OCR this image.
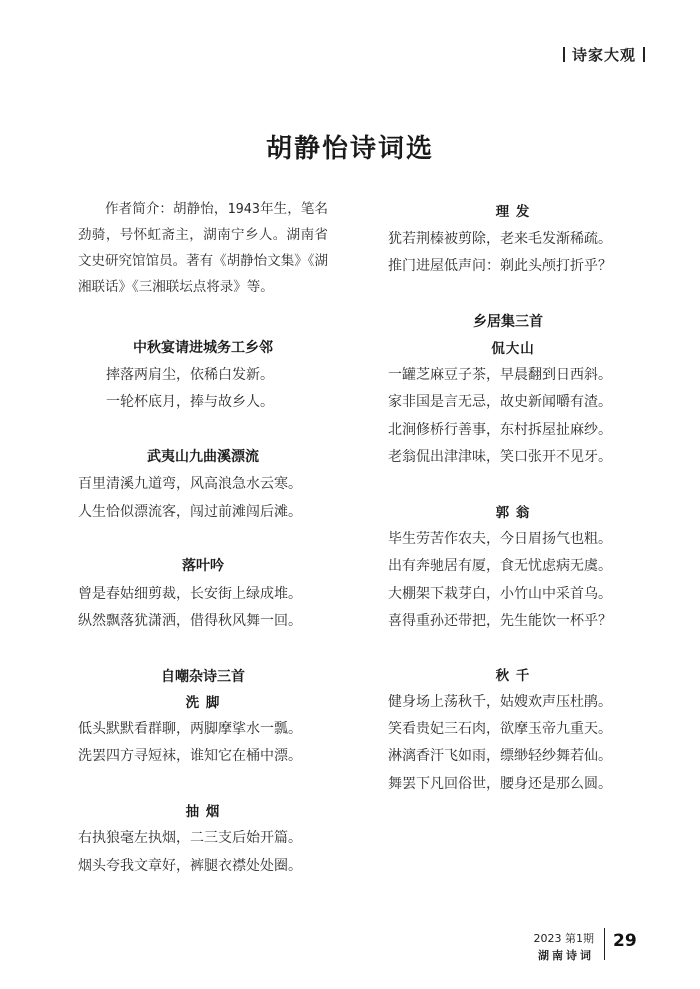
诗家大观
胡静怡诗词选

作者简介：胡静怡，1943年生，笔名劲骑，号怀虹斋主，湖南宁乡人。湖南省文史研究馆馆员。著有《胡静怡文集》《湖湘联话》《三湘联坛点将录》等。

中秋宴请进城务工乡邻
摔落两肩尘，依稀白发新。
一轮杯底月，捧与故乡人。
武夷山九曲溪漂流
百里清溪九道弯，风高浪急水云寒。
人生恰似漂流客，闯过前滩闯后滩。
落叶吟
曾是春姑细剪裁，长安街上绿成堆。
纵然飘落犹潇洒，借得秋风舞一回。
自嘲杂诗三首
洗 脚
低头默默看群聊，两脚摩挲水一瓢。
洗罢四方寻短袜，谁知它在桶中漂。
抽 烟
右执狼毫左执烟，二三支后始开篇。
烟头夸我文章好，裤腿衣襟处处圈。
理 发
犹若荆榛被剪除，老来毛发渐稀疏。
推门进屋低声问：剃此头颅打折乎？
乡居集三首
侃大山
一罐芝麻豆子茶，早晨翻到日西斜。
家非国是言无忌，故史新闻嚼有渣。
北涧修桥行善事，东村拆屋扯麻纱。
老翁侃出津津味，笑口张开不见牙。
郭 翁
毕生劳苦作农夫，今日眉扬气也粗。
出有奔驰居有厦，食无忧虑病无虞。
大棚架下栽芽白，小竹山中采首乌。
喜得重孙还带把，先生能饮一杯乎？
秋 千
健身场上荡秋千，姑嫂欢声压杜鹃。
笑看贵妃三石肉，欲摩玉帝九重天。
淋漓香汗飞如雨，缥缈轻纱舞若仙。
舞罢下凡回俗世，腰身还是那么圆。
2023 第1期
湖南诗词
29
